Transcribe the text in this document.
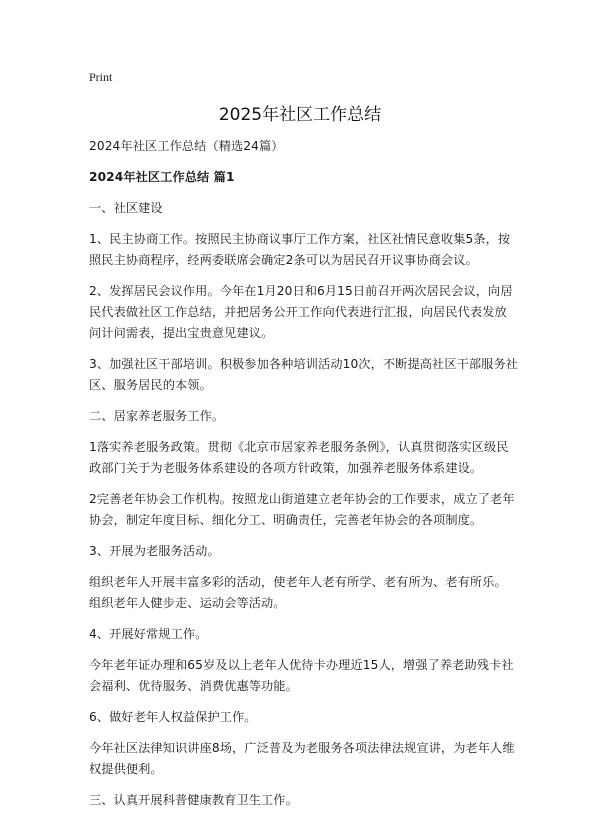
Print
2025年社区工作总结

2024年社区工作总结（精选24篇）

2024年社区工作总结 篇1

一、社区建设

1、民主协商工作。按照民主协商议事厅工作方案，社区社情民意收集5条，按照民主协商程序，经两委联席会确定2条可以为居民召开议事协商会议。

2、发挥居民会议作用。今年在1月20日和6月15日前召开两次居民会议，向居民代表做社区工作总结，并把居务公开工作向代表进行汇报，向居民代表发放问计问需表，提出宝贵意见建议。

3、加强社区干部培训。积极参加各种培训活动10次，不断提高社区干部服务社区、服务居民的本领。

二、居家养老服务工作。

1落实养老服务政策。贯彻《北京市居家养老服务条例》，认真贯彻落实区级民政部门关于为老服务体系建设的各项方针政策，加强养老服务体系建设。

2完善老年协会工作机构。按照龙山街道建立老年协会的工作要求，成立了老年协会，制定年度目标、细化分工、明确责任，完善老年协会的各项制度。

3、开展为老服务活动。

组织老年人开展丰富多彩的活动，使老年人老有所学、老有所为、老有所乐。组织老年人健步走、运动会等活动。

4、开展好常规工作。

今年老年证办理和65岁及以上老年人优待卡办理近15人，增强了养老助残卡社会福利、优待服务、消费优惠等功能。

6、做好老年人权益保护工作。

今年社区法律知识讲座8场，广泛普及为老服务各项法律法规宣讲，为老年人维权提供便利。

三、认真开展科普健康教育卫生工作。
